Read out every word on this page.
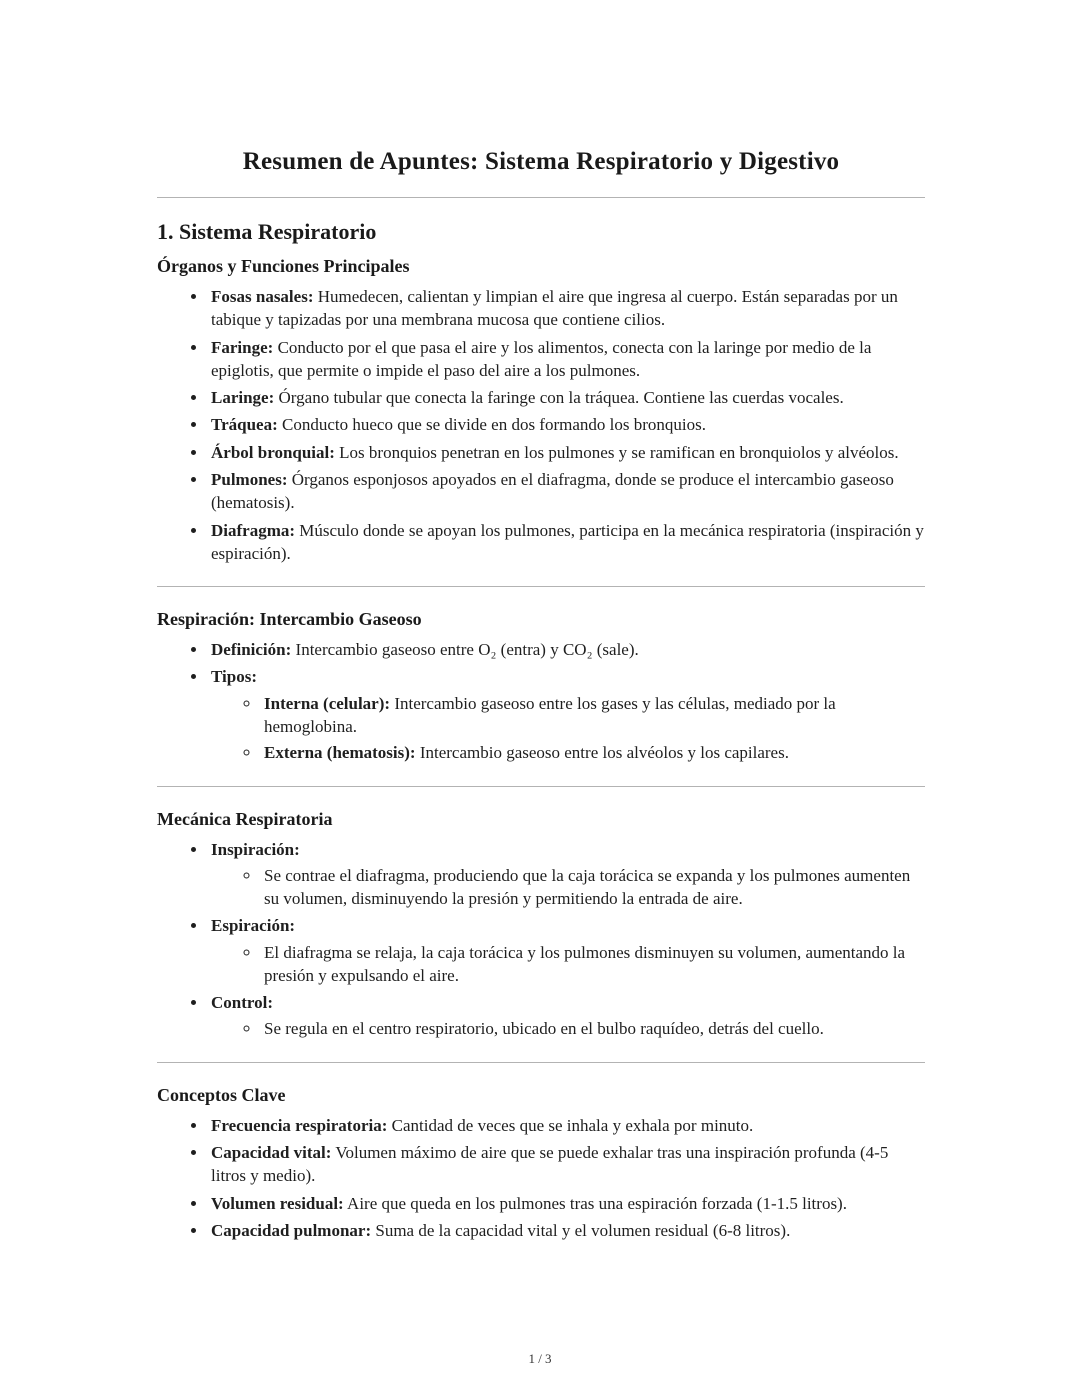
Resumen de Apuntes: Sistema Respiratorio y Digestivo
1. Sistema Respiratorio
Órganos y Funciones Principales
• Fosas nasales: Humedecen, calientan y limpian el aire que ingresa al cuerpo. Están separadas por un tabique y tapizadas por una membrana mucosa que contiene cilios.
• Faringe: Conducto por el que pasa el aire y los alimentos, conecta con la laringe por medio de la epiglotis, que permite o impide el paso del aire a los pulmones.
• Laringe: Órgano tubular que conecta la faringe con la tráquea. Contiene las cuerdas vocales.
• Tráquea: Conducto hueco que se divide en dos formando los bronquios.
• Árbol bronquial: Los bronquios penetran en los pulmones y se ramifican en bronquiolos y alvéolos.
• Pulmones: Órganos esponjosos apoyados en el diafragma, donde se produce el intercambio gaseoso (hematosis).
• Diafragma: Músculo donde se apoyan los pulmones, participa en la mecánica respiratoria (inspiración y espiración).
Respiración: Intercambio Gaseoso
• Definición: Intercambio gaseoso entre O₂ (entra) y CO₂ (sale).
• Tipos:
◦ Interna (celular): Intercambio gaseoso entre los gases y las células, mediado por la hemoglobina.
◦ Externa (hematosis): Intercambio gaseoso entre los alvéolos y los capilares.
Mecánica Respiratoria
• Inspiración:
◦ Se contrae el diafragma, produciendo que la caja torácica se expanda y los pulmones aumenten su volumen, disminuyendo la presión y permitiendo la entrada de aire.
• Espiración:
◦ El diafragma se relaja, la caja torácica y los pulmones disminuyen su volumen, aumentando la presión y expulsando el aire.
• Control:
◦ Se regula en el centro respiratorio, ubicado en el bulbo raquídeo, detrás del cuello.
Conceptos Clave
• Frecuencia respiratoria: Cantidad de veces que se inhala y exhala por minuto.
• Capacidad vital: Volumen máximo de aire que se puede exhalar tras una inspiración profunda (4-5 litros y medio).
• Volumen residual: Aire que queda en los pulmones tras una espiración forzada (1-1.5 litros).
• Capacidad pulmonar: Suma de la capacidad vital y el volumen residual (6-8 litros).
1 / 3
